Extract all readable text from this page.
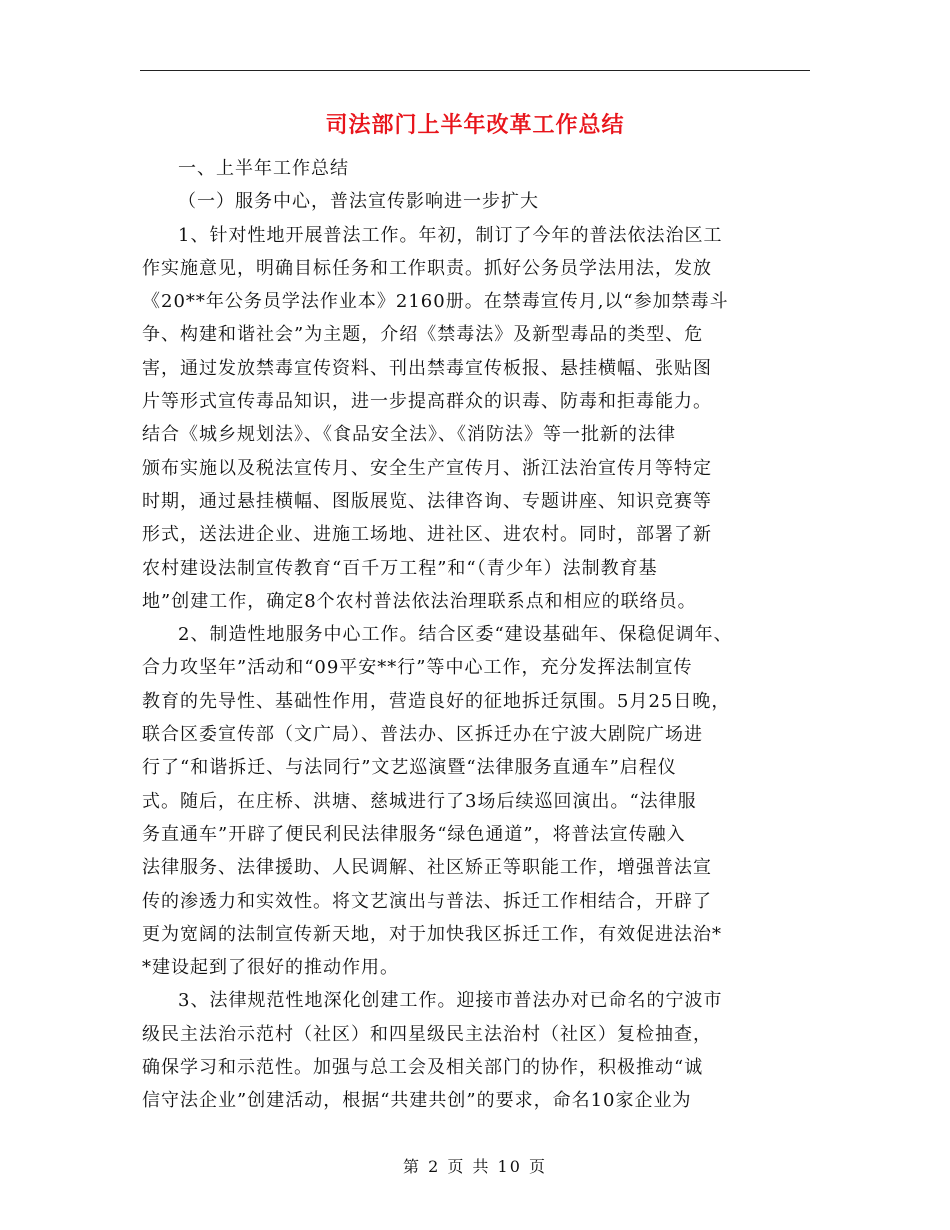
司法部门上半年改革工作总结
一、上半年工作总结
（一）服务中心，普法宣传影响进一步扩大
1、针对性地开展普法工作。年初，制订了今年的普法依法治区工
作实施意见，明确目标任务和工作职责。抓好公务员学法用法，发放
《20**年公务员学法作业本》2160册。在禁毒宣传月,以“参加禁毒斗
争、构建和谐社会”为主题，介绍《禁毒法》及新型毒品的类型、危
害，通过发放禁毒宣传资料、刊出禁毒宣传板报、悬挂横幅、张贴图
片等形式宣传毒品知识，进一步提高群众的识毒、防毒和拒毒能力。
结合《城乡规划法》、《食品安全法》、《消防法》等一批新的法律
颁布实施以及税法宣传月、安全生产宣传月、浙江法治宣传月等特定
时期，通过悬挂横幅、图版展览、法律咨询、专题讲座、知识竞赛等
形式，送法进企业、进施工场地、进社区、进农村。同时，部署了新
农村建设法制宣传教育“百千万工程”和“（青少年）法制教育基
地”创建工作，确定8个农村普法依法治理联系点和相应的联络员。
2、制造性地服务中心工作。结合区委“建设基础年、保稳促调年、
合力攻坚年”活动和“09平安**行”等中心工作，充分发挥法制宣传
教育的先导性、基础性作用，营造良好的征地拆迁氛围。5月25日晚，
联合区委宣传部（文广局）、普法办、区拆迁办在宁波大剧院广场进
行了“和谐拆迁、与法同行”文艺巡演暨“法律服务直通车”启程仪
式。随后，在庄桥、洪塘、慈城进行了3场后续巡回演出。“法律服
务直通车”开辟了便民利民法律服务“绿色通道”，将普法宣传融入
法律服务、法律援助、人民调解、社区矫正等职能工作，增强普法宣
传的渗透力和实效性。将文艺演出与普法、拆迁工作相结合，开辟了
更为宽阔的法制宣传新天地，对于加快我区拆迁工作，有效促进法治*
*建设起到了很好的推动作用。
3、法律规范性地深化创建工作。迎接市普法办对已命名的宁波市
级民主法治示范村（社区）和四星级民主法治村（社区）复检抽查，
确保学习和示范性。加强与总工会及相关部门的协作，积极推动“诚
信守法企业”创建活动，根据“共建共创”的要求，命名10家企业为
第 2 页 共 10 页
